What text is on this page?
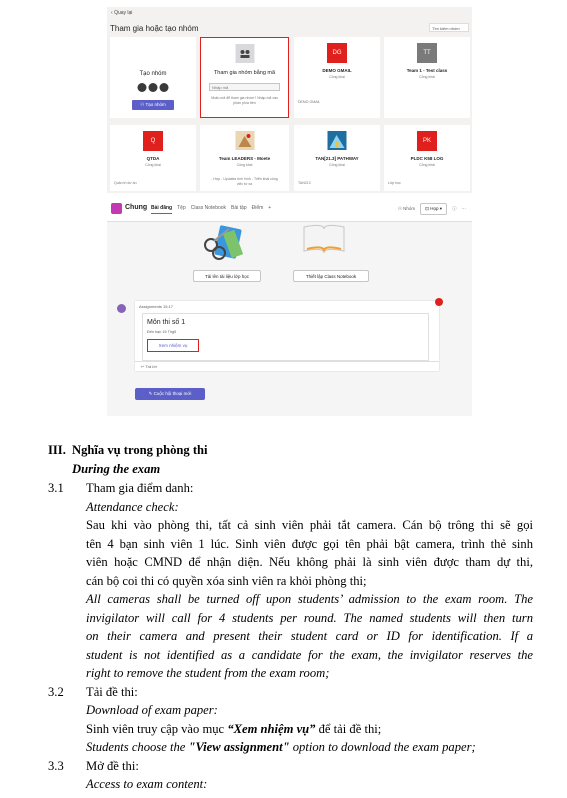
‹ Quay lại
Tham gia hoặc tạo nhóm	Tìm kiếm nhóm
Tạo nhóm
⚇ Tạo nhóm
Tham gia nhóm bằng mã
Nhập mã
Nhận mã để tham gia nhóm? Nhập mã vào phần phía trên
DG
DEMO GMAIL
Công khai
DEMO GMAIL
TT
Team 1 - Test class
Công khai
Q
QTDA
Công khai
Quản trị dự án
Team LEADERS - Moete
Công khai
- Hợp - Updates tình hình - Triển khai công việc từ xa
TAN[21.3] PATHWAY
Công khai
TAN213
PK
PLDC K58 LOG
Công khai
Lớp học
Chung Bài đăng Tệp Class Notebook Bài tập Điểm +	⚇ Nhóm	⊡ Họp ▾	ⓘ ⋯
Tải lên tài liệu lớp học	Thiết lập Class Notebook
Assignments 15:17
Môn thi số 1
Đến hạn 16 Thg5
Xem nhiệm vụ
↩ Trả lời
✎ Cuộc hội thoại mới
III. Nghĩa vụ trong phòng thi
During the exam
3.1 Tham gia điểm danh:
Attendance check:
Sau khi vào phòng thi, tất cả sinh viên phải tắt camera. Cán bộ trông thi sẽ gọi
tên 4 bạn sinh viên 1 lúc. Sinh viên được gọi tên phải bật camera, trình thẻ sinh
viên hoặc CMND để nhận diện. Nếu không phải là sinh viên được tham dự thi,
cán bộ coi thi có quyền xóa sinh viên ra khỏi phòng thi;
All cameras shall be turned off upon students’ admission to the exam room. The
invigilator will call for 4 students per round. The named students will then turn
on their camera and present their student card or ID for identification. If a
student is not identified as a candidate for the exam, the invigilator reserves the
right to remove the student from the exam room;
3.2 Tải đề thi:
Download of exam paper:
Sinh viên truy cập vào mục “Xem nhiệm vụ” để tải đề thi;
Students choose the "View assignment" option to download the exam paper;
3.3 Mở đề thi:
Access to exam content:
